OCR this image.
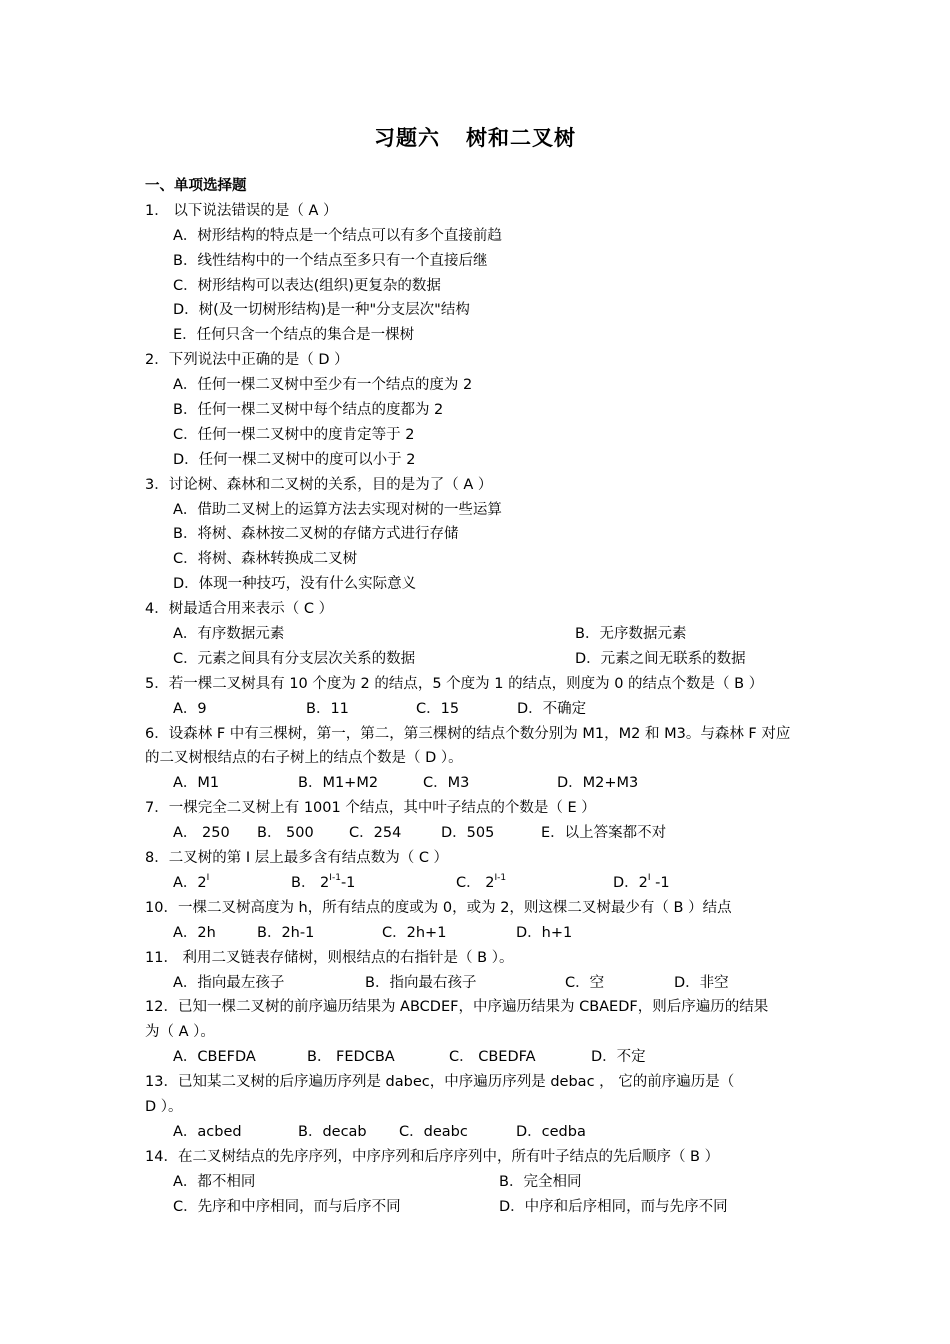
习题六 树和二叉树
一、单项选择题
1． 以下说法错误的是（ A ）
A．树形结构的特点是一个结点可以有多个直接前趋
B．线性结构中的一个结点至多只有一个直接后继
C．树形结构可以表达(组织)更复杂的数据
D．树(及一切树形结构)是一种"分支层次"结构
E．任何只含一个结点的集合是一棵树
2．下列说法中正确的是（ D ）
A．任何一棵二叉树中至少有一个结点的度为 2
B．任何一棵二叉树中每个结点的度都为 2
C．任何一棵二叉树中的度肯定等于 2
D．任何一棵二叉树中的度可以小于 2
3．讨论树、森林和二叉树的关系，目的是为了（ A ）
A．借助二叉树上的运算方法去实现对树的一些运算
B．将树、森林按二叉树的存储方式进行存储
C．将树、森林转换成二叉树
D．体现一种技巧，没有什么实际意义
4．树最适合用来表示（ C ）
A．有序数据元素	B．无序数据元素
C．元素之间具有分支层次关系的数据	D．元素之间无联系的数据
5．若一棵二叉树具有 10 个度为 2 的结点，5 个度为 1 的结点，则度为 0 的结点个数是（ B ）
A．9	B．11	C．15	D．不确定
6．设森林 F 中有三棵树，第一，第二，第三棵树的结点个数分别为 M1，M2 和 M3。与森林 F 对应
的二叉树根结点的右子树上的结点个数是（ D ）。
A．M1	B．M1+M2	C．M3	D．M2+M3
7．一棵完全二叉树上有 1001 个结点，其中叶子结点的个数是（ E ）
A． 250	B． 500	C．254	D．505	E．以上答案都不对
8．二叉树的第 I 层上最多含有结点数为（ C ）
A．$2^I$	B． $2^{I-1}-1$	C． $2^{I-1}$	D．$2^I$ -1
10．一棵二叉树高度为 h，所有结点的度或为 0，或为 2，则这棵二叉树最少有（ B ）结点
A．2h	B．2h-1	C．2h+1	D．h+1
11． 利用二叉链表存储树，则根结点的右指针是（ B ）。
A．指向最左孩子	B．指向最右孩子	C．空	D．非空
12．已知一棵二叉树的前序遍历结果为 ABCDEF，中序遍历结果为 CBAEDF，则后序遍历的结果
为（ A ）。
A．CBEFDA	B． FEDCBA	C． CBEDFA	D．不定
13．已知某二叉树的后序遍历序列是 dabec，中序遍历序列是 debac ， 它的前序遍历是（
D ）。
A．acbed	B．decab	C．deabc	D．cedba
14．在二叉树结点的先序序列，中序序列和后序序列中，所有叶子结点的先后顺序（ B ）
A．都不相同	B．完全相同
C．先序和中序相同，而与后序不同	D．中序和后序相同，而与先序不同
